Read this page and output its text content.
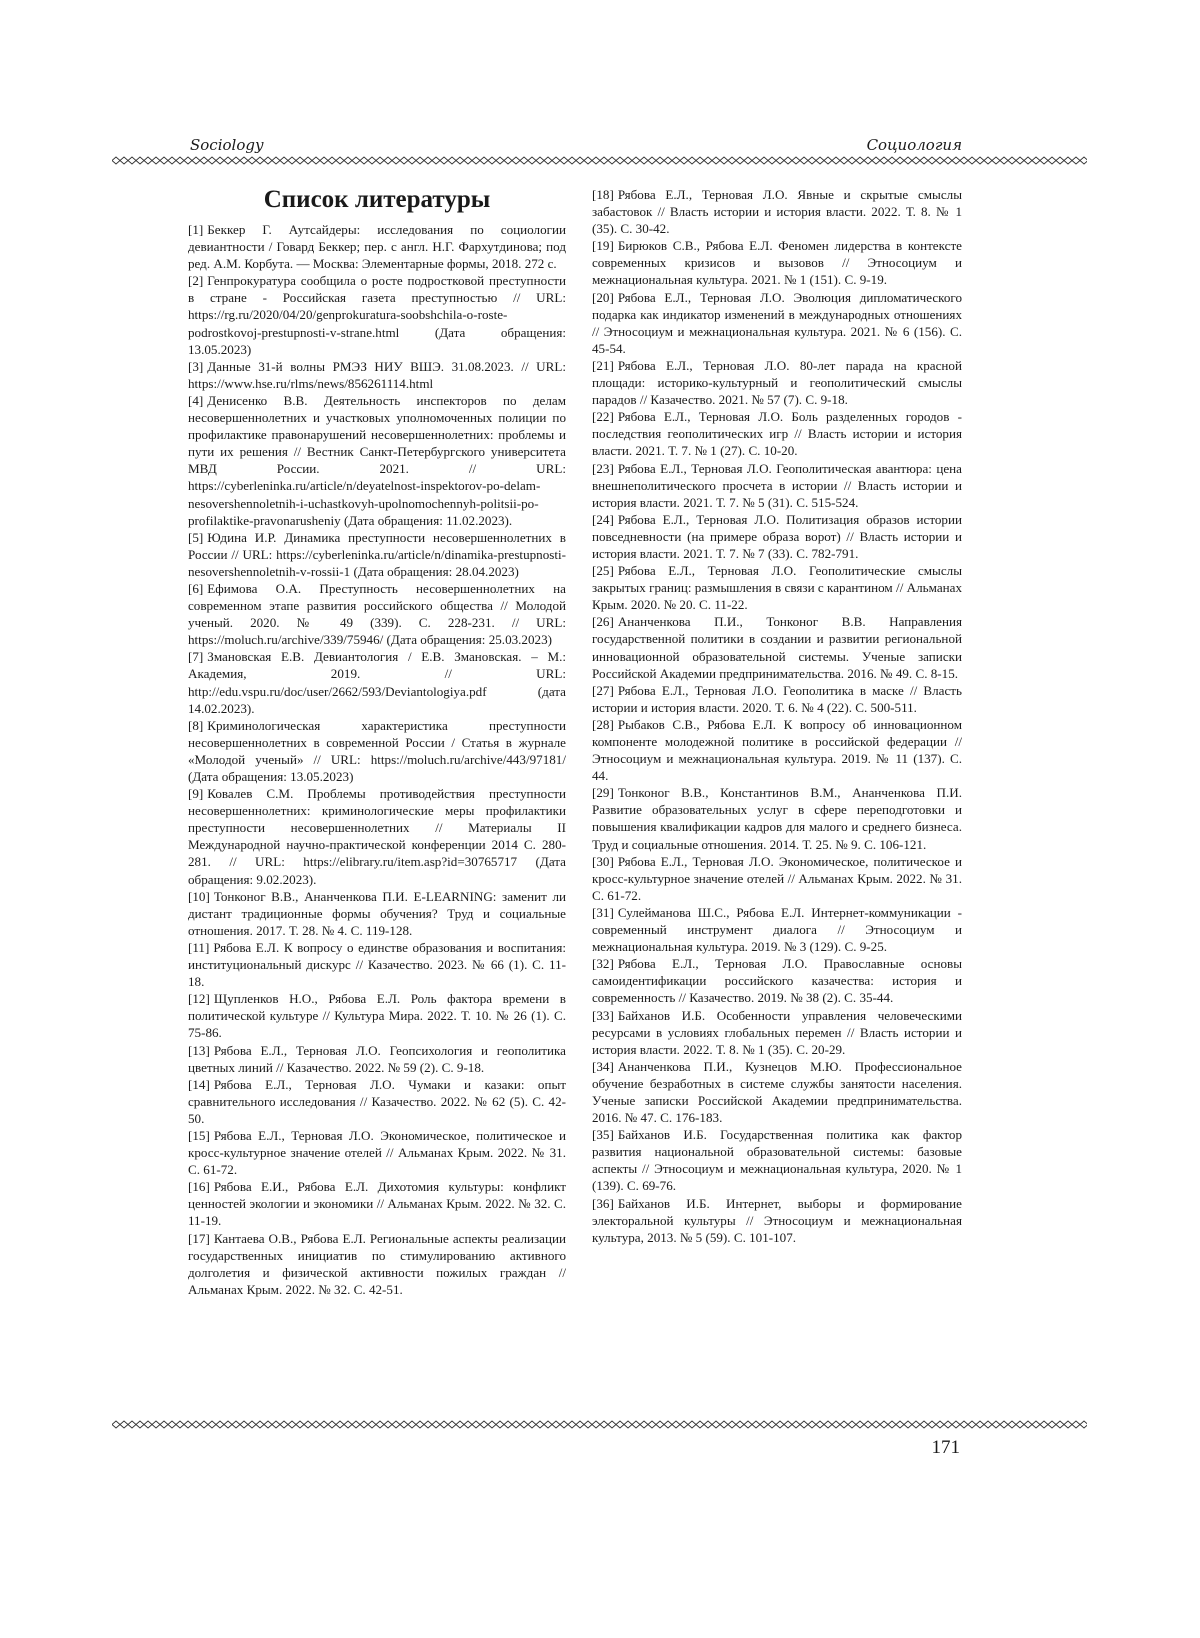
Sociology	Социология
Список литературы

[1] Беккер Г. Аутсайдеры: исследования по социологии девиантности / Говард Беккер; пер. с англ. Н.Г. Фархутдинова; под ред. А.М. Корбута. — Москва: Элементарные формы, 2018. 272 с.

[2] Генпрокуратура сообщила о росте подростковой преступности в стране - Российская газета преступностью // URL: https://rg.ru/2020/04/20/genprokuratura-soobshchila-o-roste-podrostkovoj-prestupnosti-v-strane.html (Дата обращения: 13.05.2023)

[3] Данные 31-й волны РМЭЗ НИУ ВШЭ. 31.08.2023. // URL: https://www.hse.ru/rlms/news/856261114.html

[4] Денисенко В.В. Деятельность инспекторов по делам несовершеннолетних и участковых уполномоченных полиции по профилактике правонарушений несовершеннолетних: проблемы и пути их решения // Вестник Санкт-Петербургского университета МВД России. 2021. // URL: https://cyberleninka.ru/article/n/deyatelnost-inspektorov-po-delam-nesovershennoletnih-i-uchastkovyh-upolnomochennyh-politsii-po-profilaktike-pravonarusheniy (Дата обращения: 11.02.2023).

[5] Юдина И.Р. Динамика преступности несовершеннолетних в России // URL: https://cyberleninka.ru/article/n/dinamika-prestupnosti-nesovershennoletnih-v-rossii-1 (Дата обращения: 28.04.2023)

[6] Ефимова О.А. Преступность несовершеннолетних на современном этапе развития российского общества // Молодой ученый. 2020. № 49 (339). С. 228-231. // URL: https://moluch.ru/archive/339/75946/ (Дата обращения: 25.03.2023)

[7] Змановская Е.В. Девиантология / Е.В. Змановская. – М.: Академия, 2019. // URL: http://edu.vspu.ru/doc/user/2662/593/Deviantologiya.pdf (дата 14.02.2023).

[8] Криминологическая характеристика преступности несовершеннолетних в современной России / Статья в журнале «Молодой ученый» // URL: https://moluch.ru/archive/443/97181/ (Дата обращения: 13.05.2023)

[9] Ковалев С.М. Проблемы противодействия преступности несовершеннолетних: криминологические меры профилактики преступности несовершеннолетних // Материалы II Международной научно-практической конференции 2014 С. 280-281. // URL: https://elibrary.ru/item.asp?id=30765717 (Дата обращения: 9.02.2023).

[10] Тонконог В.В., Ананченкова П.И. E-LEARNING: заменит ли дистант традиционные формы обучения? Труд и социальные отношения. 2017. Т. 28. № 4. С. 119-128.

[11] Рябова Е.Л. К вопросу о единстве образования и воспитания: институциональный дискурс // Казачество. 2023. № 66 (1). С. 11-18.

[12] Щупленков Н.О., Рябова Е.Л. Роль фактора времени в политической культуре // Культура Мира. 2022. Т. 10. № 26 (1). С. 75-86.

[13] Рябова Е.Л., Терновая Л.О. Геопсихология и геополитика цветных линий // Казачество. 2022. № 59 (2). С. 9-18.

[14] Рябова Е.Л., Терновая Л.О. Чумаки и казаки: опыт сравнительного исследования // Казачество. 2022. № 62 (5). С. 42-50.

[15] Рябова Е.Л., Терновая Л.О. Экономическое, политическое и кросс-культурное значение отелей // Альманах Крым. 2022. № 31. С. 61-72.

[16] Рябова Е.И., Рябова Е.Л. Дихотомия культуры: конфликт ценностей экологии и экономики // Альманах Крым. 2022. № 32. С. 11-19.

[17] Кантаева О.В., Рябова Е.Л. Региональные аспекты реализации государственных инициатив по стимулированию активного долголетия и физической активности пожилых граждан // Альманах Крым. 2022. № 32. С. 42-51.

[18] Рябова Е.Л., Терновая Л.О. Явные и скрытые смыслы забастовок // Власть истории и история власти. 2022. Т. 8. № 1 (35). С. 30-42.

[19] Бирюков С.В., Рябова Е.Л. Феномен лидерства в контексте современных кризисов и вызовов // Этносоциум и межнациональная культура. 2021. № 1 (151). С. 9-19.

[20] Рябова Е.Л., Терновая Л.О. Эволюция дипломатического подарка как индикатор изменений в международных отношениях // Этносоциум и межнациональная культура. 2021. № 6 (156). С. 45-54.

[21] Рябова Е.Л., Терновая Л.О. 80-лет парада на красной площади: историко-культурный и геополитический смыслы парадов // Казачество. 2021. № 57 (7). С. 9-18.

[22] Рябова Е.Л., Терновая Л.О. Боль разделенных городов - последствия геополитических игр // Власть истории и история власти. 2021. Т. 7. № 1 (27). С. 10-20.

[23] Рябова Е.Л., Терновая Л.О. Геополитическая авантюра: цена внешнеполитического просчета в истории // Власть истории и история власти. 2021. Т. 7. № 5 (31). С. 515-524.

[24] Рябова Е.Л., Терновая Л.О. Политизация образов истории повседневности (на примере образа ворот) // Власть истории и история власти. 2021. Т. 7. № 7 (33). С. 782-791.

[25] Рябова Е.Л., Терновая Л.О. Геополитические смыслы закрытых границ: размышления в связи с карантином // Альманах Крым. 2020. № 20. С. 11-22.

[26] Ананченкова П.И., Тонконог В.В. Направления государственной политики в создании и развитии региональной инновационной образовательной системы. Ученые записки Российской Академии предпринимательства. 2016. № 49. С. 8-15.

[27] Рябова Е.Л., Терновая Л.О. Геополитика в маске // Власть истории и история власти. 2020. Т. 6. № 4 (22). С. 500-511.

[28] Рыбаков С.В., Рябова Е.Л. К вопросу об инновационном компоненте молодежной политике в российской федерации // Этносоциум и межнациональная культура. 2019. № 11 (137). С. 44.

[29] Тонконог В.В., Константинов В.М., Ананченкова П.И. Развитие образовательных услуг в сфере переподготовки и повышения квалификации кадров для малого и среднего бизнеса. Труд и социальные отношения. 2014. Т. 25. № 9. С. 106-121.

[30] Рябова Е.Л., Терновая Л.О. Экономическое, политическое и кросс-культурное значение отелей // Альманах Крым. 2022. № 31. С. 61-72.

[31] Сулейманова Ш.С., Рябова Е.Л. Интернет-коммуникации - современный инструмент диалога // Этносоциум и межнациональная культура. 2019. № 3 (129). С. 9-25.

[32] Рябова Е.Л., Терновая Л.О. Православные основы самоидентификации российского казачества: история и современность // Казачество. 2019. № 38 (2). С. 35-44.

[33] Байханов И.Б. Особенности управления человеческими ресурсами в условиях глобальных перемен // Власть истории и история власти. 2022. Т. 8. № 1 (35). С. 20-29.

[34] Ананченкова П.И., Кузнецов М.Ю. Профессиональное обучение безработных в системе службы занятости населения. Ученые записки Российской Академии предпринимательства. 2016. № 47. С. 176-183.

[35] Байханов И.Б. Государственная политика как фактор развития национальной образовательной системы: базовые аспекты // Этносоциум и межнациональная культура, 2020. № 1 (139). С. 69-76.

[36] Байханов И.Б. Интернет, выборы и формирование электоральной культуры // Этносоциум и межнациональная культура, 2013. № 5 (59). С. 101-107.

171
